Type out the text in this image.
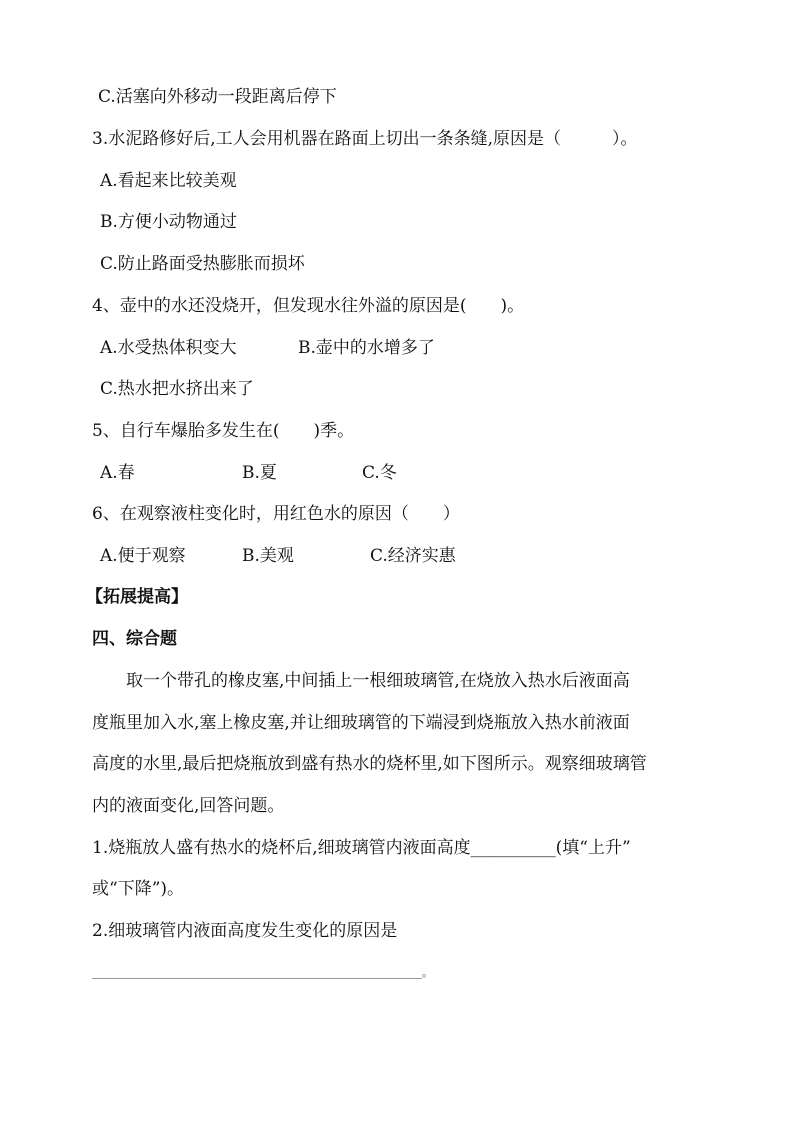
C.活塞向外移动一段距离后停下
3.水泥路修好后,工人会用机器在路面上切出一条条缝,原因是（　　　）。
A.看起来比较美观
B.方便小动物通过
C.防止路面受热膨胀而损坏
4、壶中的水还没烧开，但发现水往外溢的原因是(　　)。
A.水受热体积变大	B.壶中的水增多了
C.热水把水挤出来了
5、自行车爆胎多发生在(　　)季。
A.春	B.夏	C.冬
6、在观察液柱变化时，用红色水的原因（　　）
A.便于观察	B.美观	C.经济实惠
【拓展提高】
四、综合题
　　取一个带孔的橡皮塞,中间插上一根细玻璃管,在烧放入热水后液面高
度瓶里加入水,塞上橡皮塞,并让细玻璃管的下端浸到烧瓶放入热水前液面
高度的水里,最后把烧瓶放到盛有热水的烧杯里,如下图所示。观察细玻璃管
内的液面变化,回答问题。
1.烧瓶放人盛有热水的烧杯后,细玻璃管内液面高度__________(填“上升”
或“下降”)。
2.细玻璃管内液面高度发生变化的原因是
____________________________________________________________。
